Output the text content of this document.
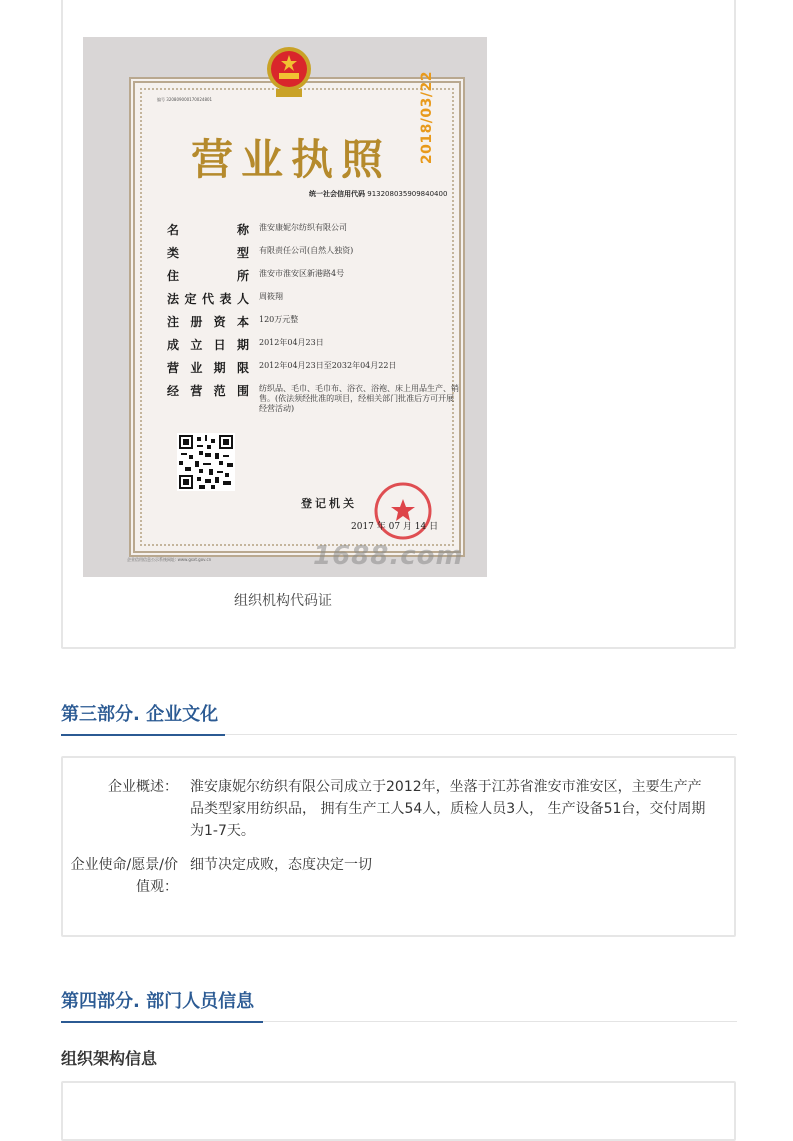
2018/03/22
编号 320809000170024801
营业执照
统一社会信用代码 913208035909840400
名	称 淮安康妮尔纺织有限公司
类	型 有限责任公司(自然人独资)
住	所 淮安市淮安区新港路4号
法 定 代 表 人 周筱翔
注 册 资 本 120万元整
成 立 日 期 2012年04月23日
营 业 期 限 2012年04月23日至2032年04月22日
经 营 范 围 纺织品、毛巾、毛巾布、浴衣、浴袍、床上用品生产、销售。(依法须经批准的项目，经相关部门批准后方可开展经营活动)
登记机关
2017 年 07 月 14 日
1688.com
企业信用信息公示系统网址: www.gsxt.gov.cn
组织机构代码证
第三部分. 企业文化
企业概述： 淮安康妮尔纺织有限公司成立于2012年，坐落于江苏省淮安市淮安区，主要生产产品类型家用纺织品， 拥有生产工人54人，质检人员3人， 生产设备51台，交付周期为1-7天。
企业使命/愿景/价值观：
细节决定成败，态度决定一切
第四部分. 部门人员信息
组织架构信息
